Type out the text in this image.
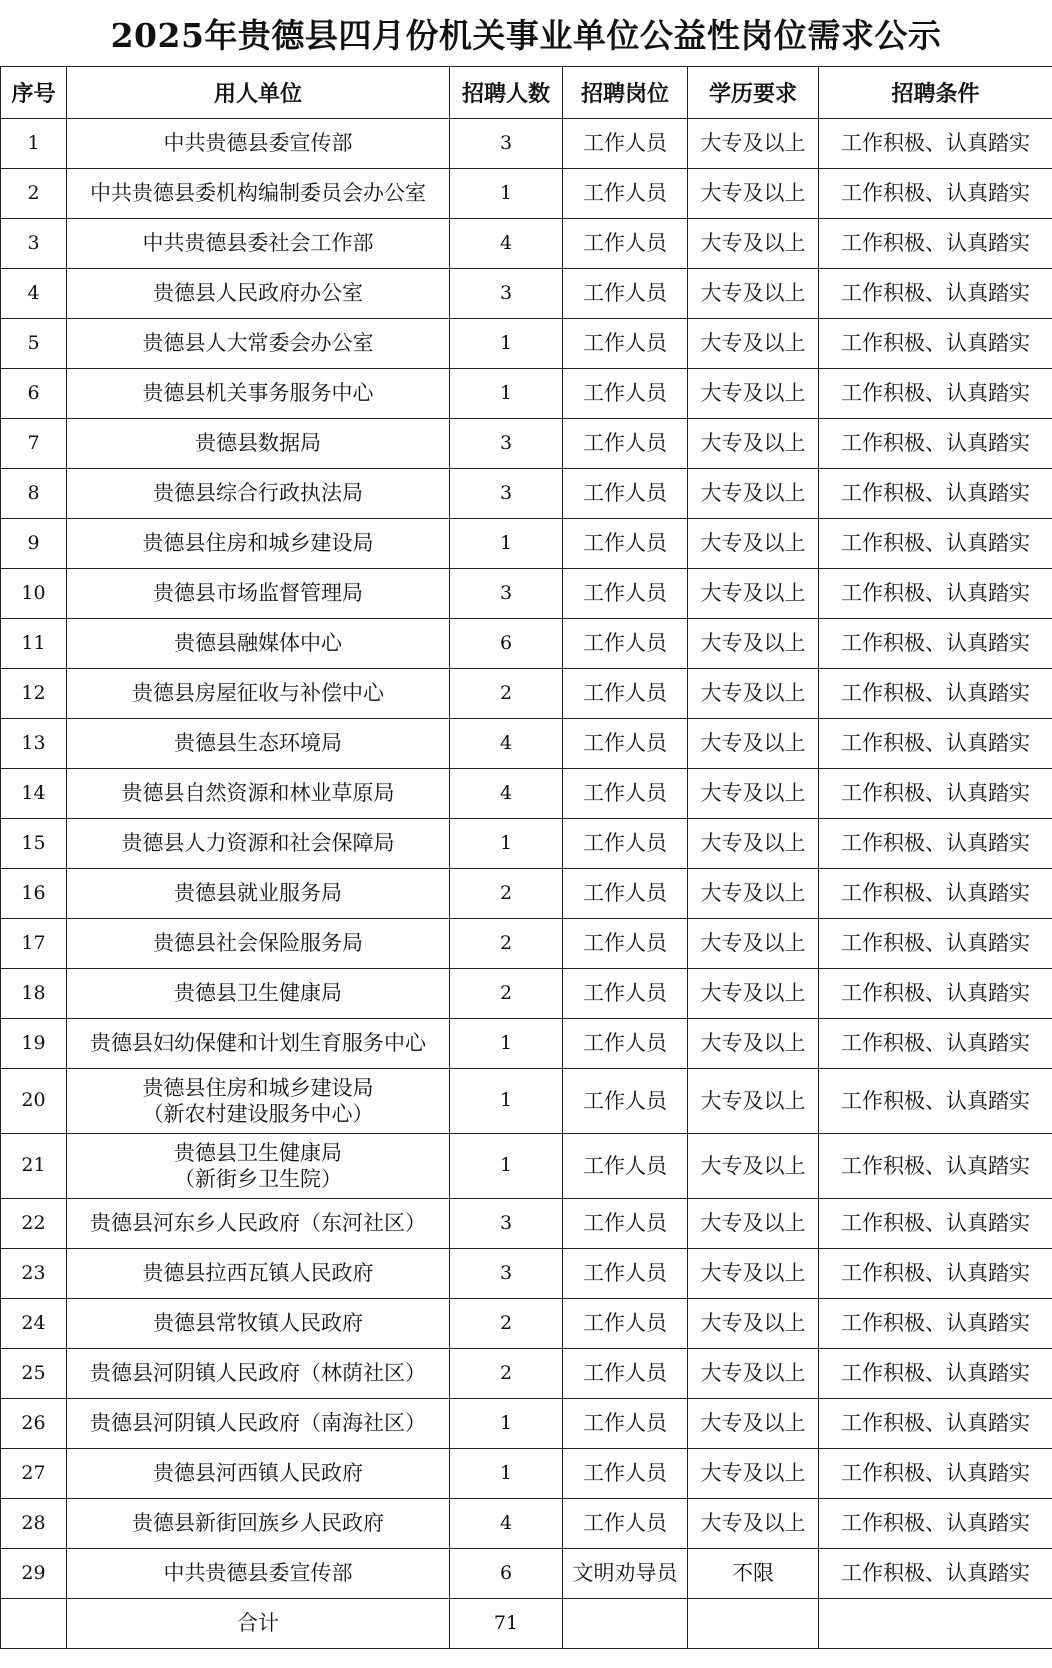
2025年贵德县四月份机关事业单位公益性岗位需求公示
序号	用人单位	招聘人数	招聘岗位	学历要求	招聘条件
1	中共贵德县委宣传部	3	工作人员	大专及以上	工作积极、认真踏实
2	中共贵德县委机构编制委员会办公室	1	工作人员	大专及以上	工作积极、认真踏实
3	中共贵德县委社会工作部	4	工作人员	大专及以上	工作积极、认真踏实
4	贵德县人民政府办公室	3	工作人员	大专及以上	工作积极、认真踏实
5	贵德县人大常委会办公室	1	工作人员	大专及以上	工作积极、认真踏实
6	贵德县机关事务服务中心	1	工作人员	大专及以上	工作积极、认真踏实
7	贵德县数据局	3	工作人员	大专及以上	工作积极、认真踏实
8	贵德县综合行政执法局	3	工作人员	大专及以上	工作积极、认真踏实
9	贵德县住房和城乡建设局	1	工作人员	大专及以上	工作积极、认真踏实
10	贵德县市场监督管理局	3	工作人员	大专及以上	工作积极、认真踏实
11	贵德县融媒体中心	6	工作人员	大专及以上	工作积极、认真踏实
12	贵德县房屋征收与补偿中心	2	工作人员	大专及以上	工作积极、认真踏实
13	贵德县生态环境局	4	工作人员	大专及以上	工作积极、认真踏实
14	贵德县自然资源和林业草原局	4	工作人员	大专及以上	工作积极、认真踏实
15	贵德县人力资源和社会保障局	1	工作人员	大专及以上	工作积极、认真踏实
16	贵德县就业服务局	2	工作人员	大专及以上	工作积极、认真踏实
17	贵德县社会保险服务局	2	工作人员	大专及以上	工作积极、认真踏实
18	贵德县卫生健康局	2	工作人员	大专及以上	工作积极、认真踏实
19	贵德县妇幼保健和计划生育服务中心	1	工作人员	大专及以上	工作积极、认真踏实
20	贵德县住房和城乡建设局
（新农村建设服务中心）	1	工作人员	大专及以上	工作积极、认真踏实
21	贵德县卫生健康局
（新街乡卫生院）	1	工作人员	大专及以上	工作积极、认真踏实
22	贵德县河东乡人民政府（东河社区）	3	工作人员	大专及以上	工作积极、认真踏实
23	贵德县拉西瓦镇人民政府	3	工作人员	大专及以上	工作积极、认真踏实
24	贵德县常牧镇人民政府	2	工作人员	大专及以上	工作积极、认真踏实
25	贵德县河阴镇人民政府（林荫社区）	2	工作人员	大专及以上	工作积极、认真踏实
26	贵德县河阴镇人民政府（南海社区）	1	工作人员	大专及以上	工作积极、认真踏实
27	贵德县河西镇人民政府	1	工作人员	大专及以上	工作积极、认真踏实
28	贵德县新街回族乡人民政府	4	工作人员	大专及以上	工作积极、认真踏实
29	中共贵德县委宣传部	6	文明劝导员	不限	工作积极、认真踏实
	合计	71			
